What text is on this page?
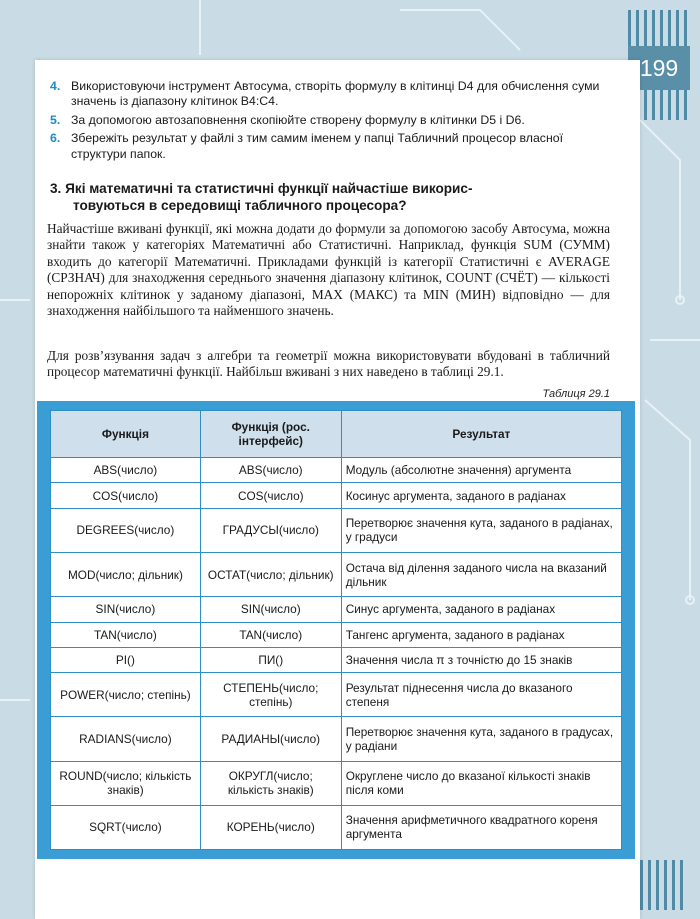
199
4. Використовуючи інструмент Автосума, створіть формулу в клітинці D4 для обчислення суми значень із діапазону клітинок B4:C4.
5. За допомогою автозаповнення скопіюйте створену формулу в клітинки D5 і D6.
6. Збережіть результат у файлі з тим самим іменем у папці Табличний процесор власної структури папок.
3. Які математичні та статистичні функції найчастіше викорис-
товуються в середовищі табличного процесора?
Найчастіше вживані функції, які можна додати до формули за допомогою засобу Автосума, можна знайти також у категоріях Математичні або Статистичні. Наприклад, функція SUM (СУММ) входить до категорії Математичні. Прикладами функцій із категорії Статистичні є AVERAGE (СРЗНАЧ) для знаходження середнього значення діапазону клітинок, COUNT (СЧЁТ) — кількості непорожніх клітинок у заданому діапазоні, MAX (МАКС) та MIN (МИН) відповідно — для знаходження найбільшого та найменшого значень.
Для розв’язування задач з алгебри та геометрії можна використовувати вбудовані в табличний процесор математичні функції. Найбільш вживані з них наведено в таблиці 29.1.
Таблиця 29.1
Функція	Функція (рос. інтерфейс)	Результат
ABS(число)	ABS(число)	Модуль (абсолютне значення) аргумента
COS(число)	COS(число)	Косинус аргумента, заданого в радіанах
DEGREES(число)	ГРАДУСЫ(число)	Перетворює значення кута, заданого в радіанах, у градуси
MOD(число; дільник)	ОСТАТ(число; дільник)	Остача від ділення заданого числа на вказаний дільник
SIN(число)	SIN(число)	Синус аргумента, заданого в радіанах
TAN(число)	TAN(число)	Тангенс аргумента, заданого в радіанах
PI()	ПИ()	Значення числа π з точністю до 15 знаків
POWER(число; степінь)	СТЕПЕНЬ(число; степінь)	Результат піднесення числа до вказаного степеня
RADIANS(число)	РАДИАНЫ(число)	Перетворює значення кута, заданого в градусах, у радіани
ROUND(число; кількість знаків)	ОКРУГЛ(число; кількість знаків)	Округлене число до вказаної кількості знаків після коми
SQRT(число)	КОРЕНЬ(число)	Значення арифметичного квадратного кореня аргумента
